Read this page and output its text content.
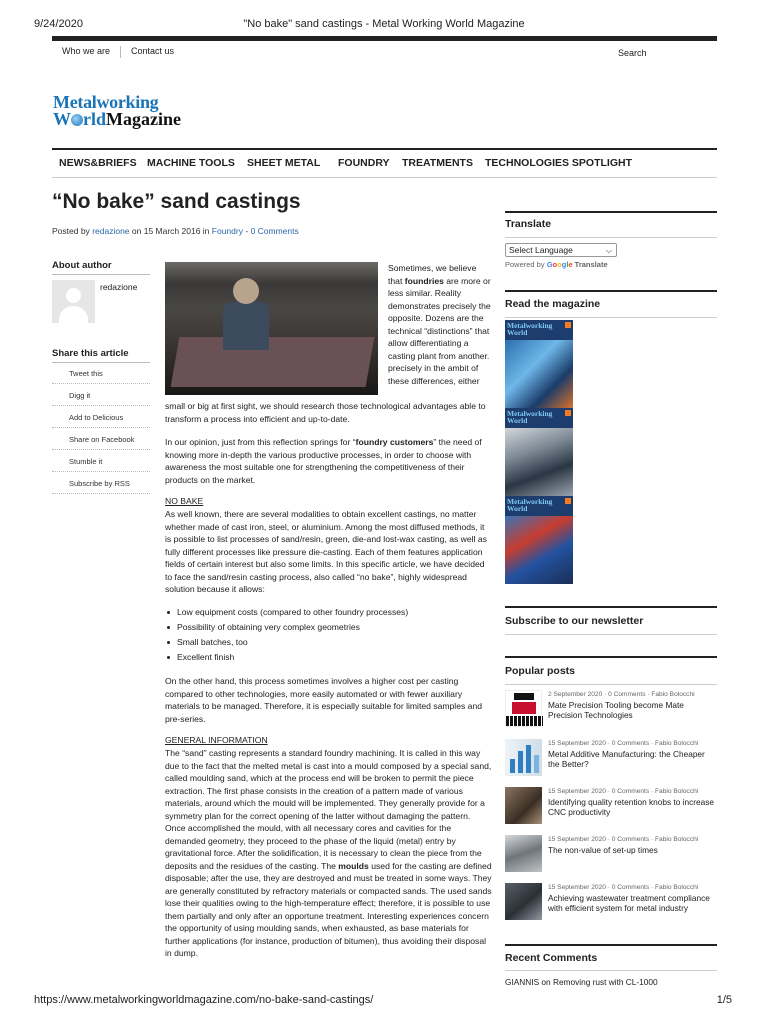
9/24/2020	"No bake" sand castings - Metal Working World Magazine
Who we are	Contact us	Search
Metalworking
W rldMagazine
NEWS&BRIEFS MACHINE TOOLS SHEET METAL FOUNDRY TREATMENTS TECHNOLOGIES SPOTLIGHT
“No bake” sand castings
Posted by redazione on 15 March 2016 in Foundry - 0 Comments
About author
redazione
Share this article
Tweet this
Digg it
Add to Delicious
Share on Facebook
Stumble it
Subscribe by RSS
Sometimes, we believe that foundries are more or less similar. Reality demonstrates precisely the opposite. Dozens are the technical “distinctions” that allow differentiating a casting plant from another. precisely in the ambit of these differences, either
small or big at first sight, we should research those technological advantages able to transform a process into efficient and up-to-date.
In our opinion, just from this reflection springs for “foundry customers” the need of knowing more in-depth the various productive processes, in order to choose with awareness the most suitable one for strengthening the competitiveness of their products on the market.
NO BAKE
As well known, there are several modalities to obtain excellent castings, no matter whether made of cast iron, steel, or aluminium. Among the most diffused methods, it is possible to list processes of sand/resin, green, die-and lost-wax casting, as well as fully different processes like pressure die-casting. Each of them features application fields of certain interest but also some limits. In this specific article, we have decided to face the sand/resin casting process, also called “no bake”, highly widespread solution because it allows:
Low equipment costs (compared to other foundry processes)
Possibility of obtaining very complex geometries
Small batches, too
Excellent finish
On the other hand, this process sometimes involves a higher cost per casting compared to other technologies, more easily automated or with fewer auxiliary materials to be managed. Therefore, it is especially suitable for limited samples and pre-series.
GENERAL INFORMATION
The “sand” casting represents a standard foundry machining. It is called in this way due to the fact that the melted metal is cast into a mould composed by a special sand, called moulding sand, which at the process end will be broken to permit the piece extraction. The first phase consists in the creation of a pattern made of various materials, around which the mould will be implemented. They generally provide for a symmetry plan for the correct opening of the latter without damaging the pattern. Once accomplished the mould, with all necessary cores and cavities for the demanded geometry, they proceed to the phase of the liquid (metal) entry by gravitational force. After the solidification, it is necessary to clean the piece from the deposits and the residues of the casting. The moulds used for the casting are defined disposable; after the use, they are destroyed and must be treated in some ways. They are generally constituted by refractory materials or compacted sands. The used sands lose their qualities owing to the high-temperature effect; therefore, it is possible to use them partially and only after an opportune treatment. Interesting experiences concern the opportunity of using moulding sands, when exhausted, as base materials for further applications (for instance, production of bitumen), thus avoiding their disposal in dump.
Translate
Select Language	⌵
Powered by Google Translate
Read the magazine
Metalworking
World
Metalworking
World
Metalworking
World
Subscribe to our newsletter
Popular posts
2 September 2020 · 0 Comments · Fabio Bolocchi
Mate Precision Tooling become Mate Precision Technologies
15 September 2020 · 0 Comments · Fabio Bolocchi
Metal Additive Manufacturing: the Cheaper the Better?
15 September 2020 · 0 Comments · Fabio Bolocchi
Identifying quality retention knobs to increase CNC productivity
15 September 2020 · 0 Comments · Fabio Bolocchi
The non-value of set-up times
15 September 2020 · 0 Comments · Fabio Bolocchi
Achieving wastewater treatment compliance with efficient system for metal industry
Recent Comments
GIANNIS on Removing rust with CL-1000
https://www.metalworkingworldmagazine.com/no-bake-sand-castings/	1/5
